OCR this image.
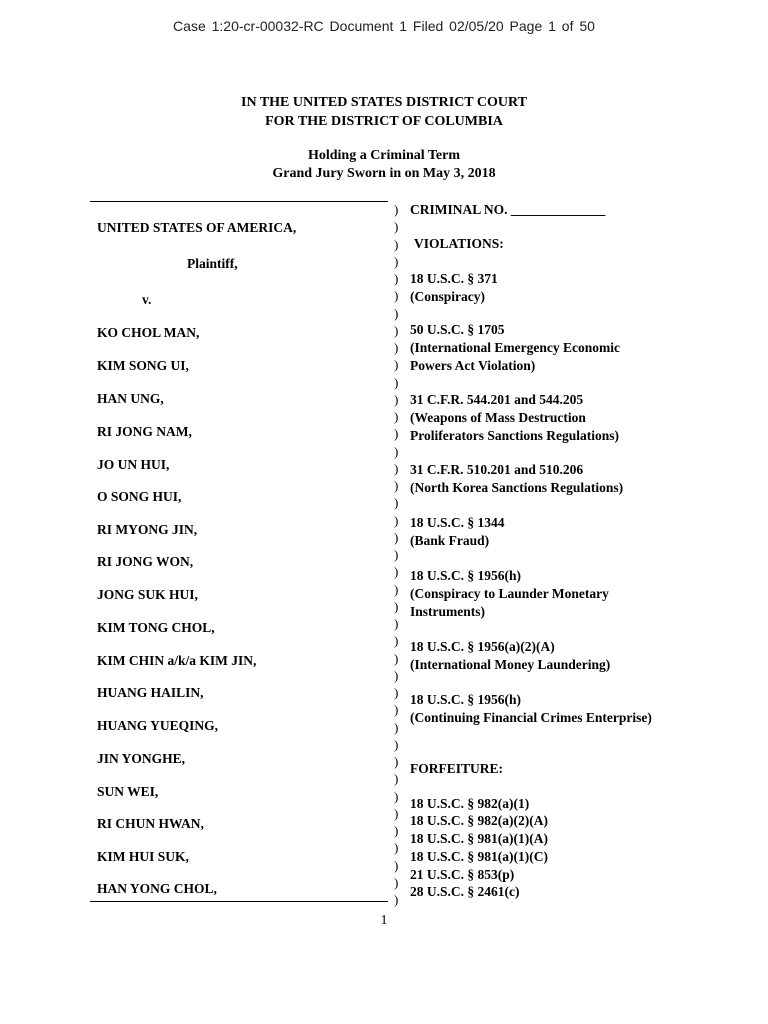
Case 1:20-cr-00032-RC Document 1 Filed 02/05/20 Page 1 of 50
IN THE UNITED STATES DISTRICT COURT
FOR THE DISTRICT OF COLUMBIA
Holding a Criminal Term
Grand Jury Sworn in on May 3, 2018
UNITED STATES OF AMERICA,
Plaintiff,
v.
KO CHOL MAN,
KIM SONG UI,
HAN UNG,
RI JONG NAM,
JO UN HUI,
O SONG HUI,
RI MYONG JIN,
RI JONG WON,
JONG SUK HUI,
KIM TONG CHOL,
KIM CHIN a/k/a KIM JIN,
HUANG HAILIN,
HUANG YUEQING,
JIN YONGHE,
SUN WEI,
RI CHUN HWAN,
KIM HUI SUK,
HAN YONG CHOL,
)
)
)
)
)
)
)
)
)
)
)
)
)
)
)
)
)
)
)
)
)
)
)
)
)
)
)
)
)
)
)
)
)
)
)
)
)
)
)
)
)
CRIMINAL NO. ______________
VIOLATIONS:
18 U.S.C. § 371
(Conspiracy)
50 U.S.C. § 1705
(International Emergency Economic
Powers Act Violation)
31 C.F.R. 544.201 and 544.205
(Weapons of Mass Destruction
Proliferators Sanctions Regulations)
31 C.F.R. 510.201 and 510.206
(North Korea Sanctions Regulations)
18 U.S.C. § 1344
(Bank Fraud)
18 U.S.C. § 1956(h)
(Conspiracy to Launder Monetary
Instruments)
18 U.S.C. § 1956(a)(2)(A)
(International Money Laundering)
18 U.S.C. § 1956(h)
(Continuing Financial Crimes Enterprise)
FORFEITURE:
18 U.S.C. § 982(a)(1)
18 U.S.C. § 982(a)(2)(A)
18 U.S.C. § 981(a)(1)(A)
18 U.S.C. § 981(a)(1)(C)
21 U.S.C. § 853(p)
28 U.S.C. § 2461(c)
1
